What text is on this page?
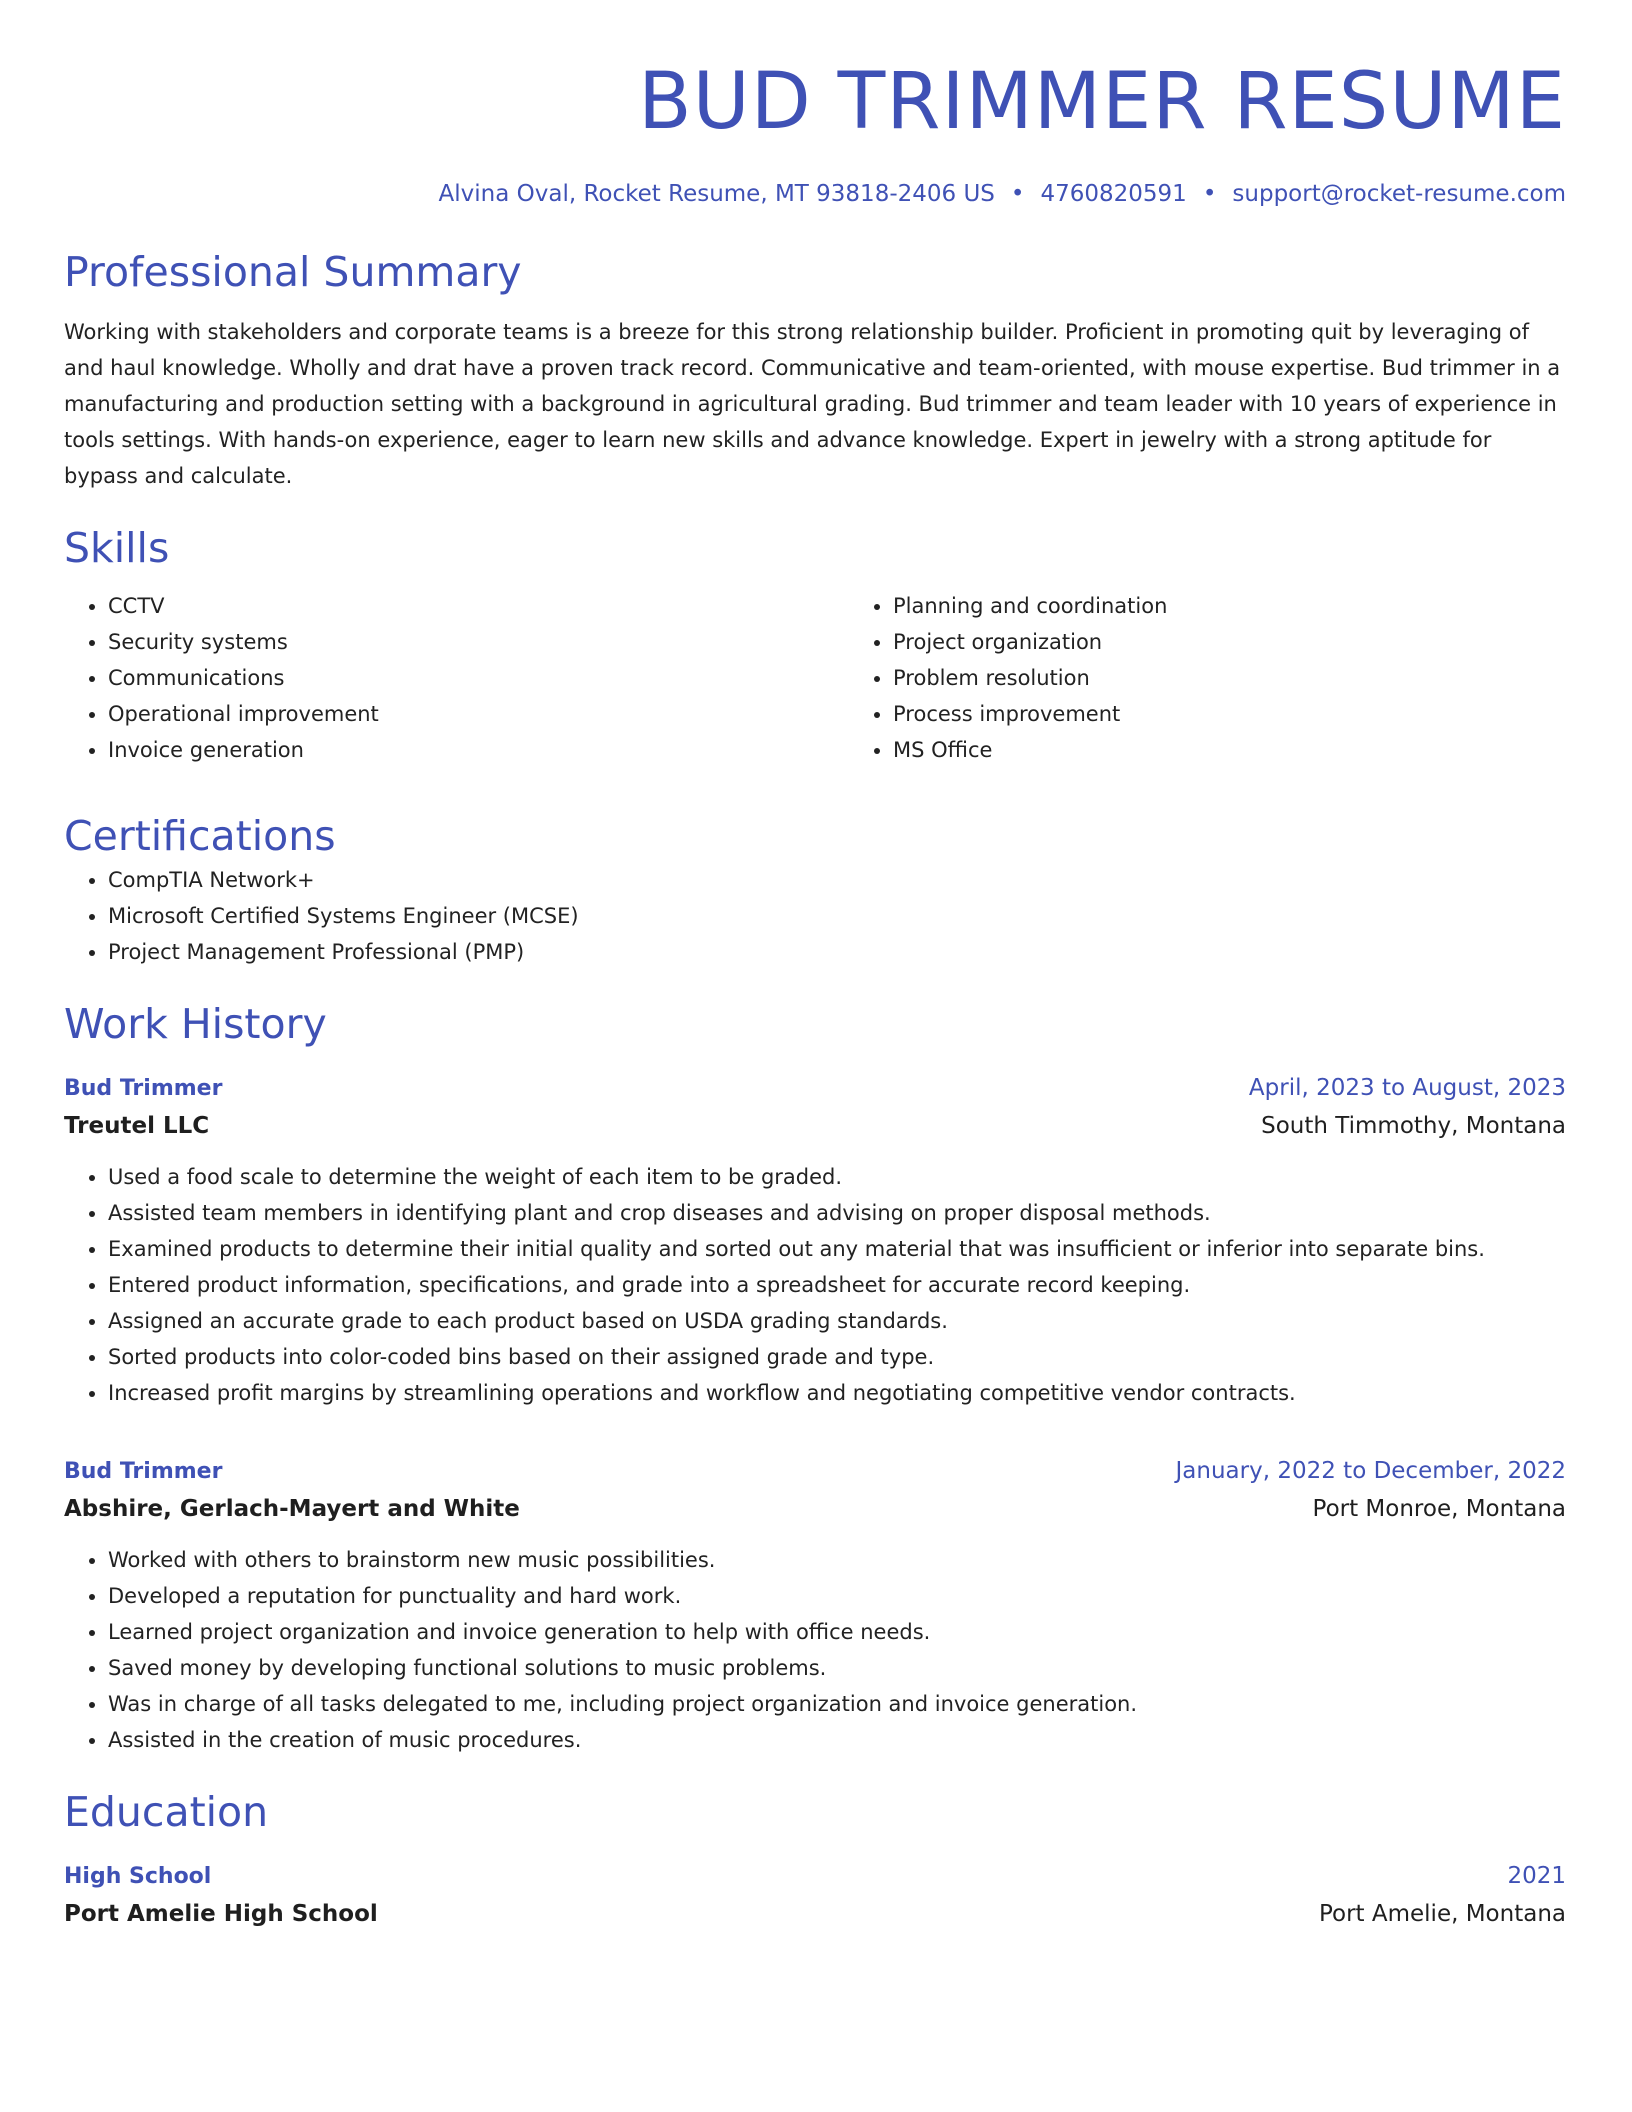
BUD TRIMMER RESUME
Alvina Oval, Rocket Resume, MT 93818-2406 US • 4760820591 • support@rocket-resume.com
Professional Summary
Working with stakeholders and corporate teams is a breeze for this strong relationship builder. Proficient in promoting quit by leveraging of and haul knowledge. Wholly and drat have a proven track record. Communicative and team-oriented, with mouse expertise. Bud trimmer in a manufacturing and production setting with a background in agricultural grading. Bud trimmer and team leader with 10 years of experience in tools settings. With hands-on experience, eager to learn new skills and advance knowledge. Expert in jewelry with a strong aptitude for bypass and calculate.
Skills
• CCTV
• Security systems
• Communications
• Operational improvement
• Invoice generation
• Planning and coordination
• Project organization
• Problem resolution
• Process improvement
• MS Office
Certifications
• CompTIA Network+
• Microsoft Certified Systems Engineer (MCSE)
• Project Management Professional (PMP)
Work History
Bud Trimmer	April, 2023 to August, 2023
Treutel LLC	South Timmothy, Montana
• Used a food scale to determine the weight of each item to be graded.
• Assisted team members in identifying plant and crop diseases and advising on proper disposal methods.
• Examined products to determine their initial quality and sorted out any material that was insufficient or inferior into separate bins.
• Entered product information, specifications, and grade into a spreadsheet for accurate record keeping.
• Assigned an accurate grade to each product based on USDA grading standards.
• Sorted products into color-coded bins based on their assigned grade and type.
• Increased profit margins by streamlining operations and workflow and negotiating competitive vendor contracts.
Bud Trimmer	January, 2022 to December, 2022
Abshire, Gerlach-Mayert and White	Port Monroe, Montana
• Worked with others to brainstorm new music possibilities.
• Developed a reputation for punctuality and hard work.
• Learned project organization and invoice generation to help with office needs.
• Saved money by developing functional solutions to music problems.
• Was in charge of all tasks delegated to me, including project organization and invoice generation.
• Assisted in the creation of music procedures.
Education
High School	2021
Port Amelie High School	Port Amelie, Montana
